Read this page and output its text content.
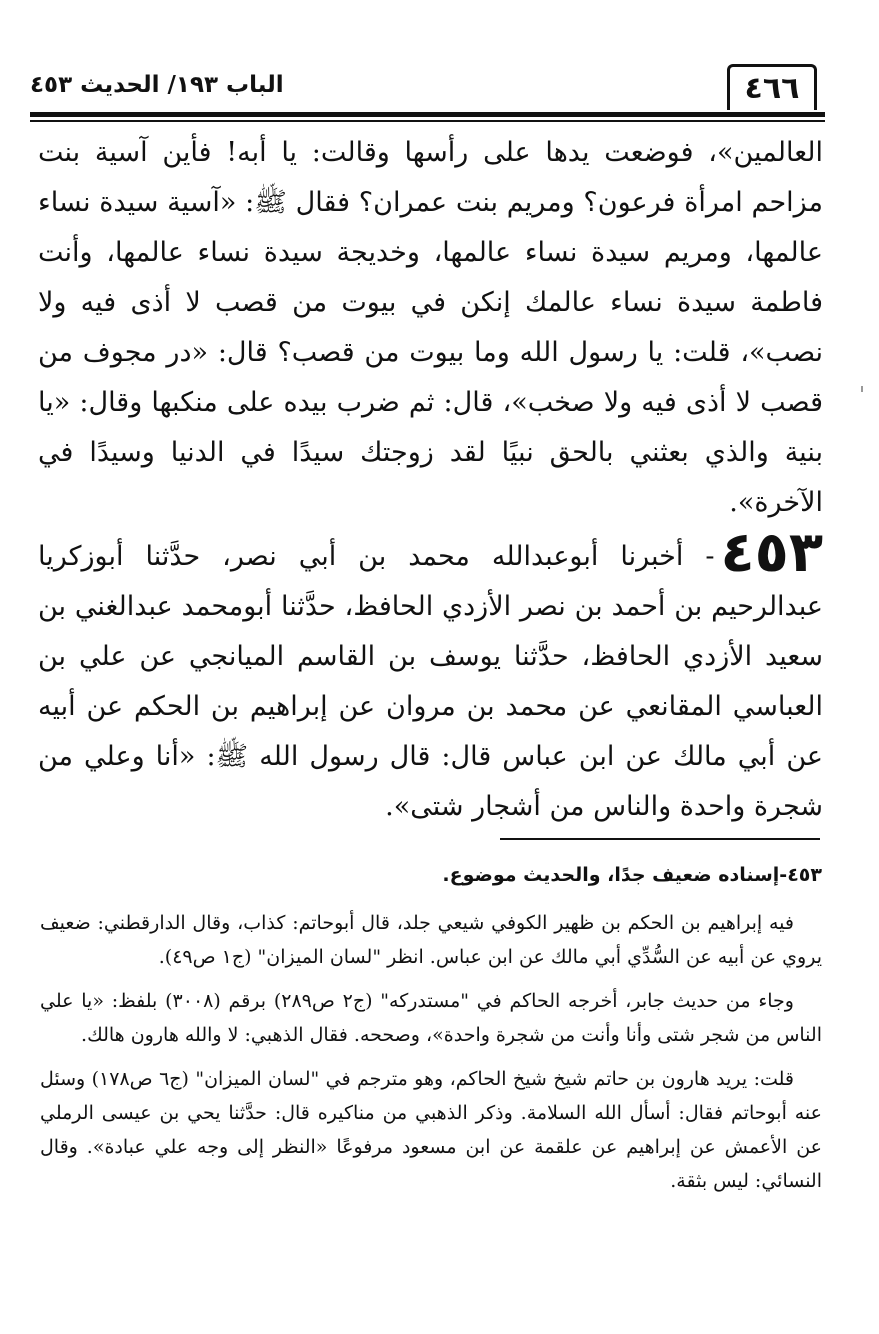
الباب ١٩٣/ الحديث ٤٥٣	٤٦٦

العالمين»، فوضعت يدها على رأسها وقالت: يا أبه! فأين آسية بنت مزاحم امرأة فرعون؟ ومريم بنت عمران؟ فقال ﷺ: «آسية سيدة نساء عالمها، ومريم سيدة نساء عالمها، وخديجة سيدة نساء عالمها، وأنت فاطمة سيدة نساء عالمك إنكن في بيوت من قصب لا أذى فيه ولا نصب»، قلت: يا رسول الله وما بيوت من قصب؟ قال: «در مجوف من قصب لا أذى فيه ولا صخب»، قال: ثم ضرب بيده على منكبها وقال: «يا بنية والذي بعثني بالحق نبيًا لقد زوجتك سيدًا في الدنيا وسيدًا في الآخرة».

٤٥٣- أخبرنا أبوعبدالله محمد بن أبي نصر، حدَّثنا أبوزكريا عبدالرحيم بن أحمد بن نصر الأزدي الحافظ، حدَّثنا أبومحمد عبدالغني بن سعيد الأزدي الحافظ، حدَّثنا يوسف بن القاسم الميانجي عن علي بن العباسي المقانعي عن محمد بن مروان عن إبراهيم بن الحكم عن أبيه عن أبي مالك عن ابن عباس قال: قال رسول الله ﷺ: «أنا وعلي من شجرة واحدة والناس من أشجار شتى».

٤٥٣-إسناده ضعيف جدًا، والحديث موضوع.

فيه إبراهيم بن الحكم بن ظهير الكوفي شيعي جلد، قال أبوحاتم: كذاب، وقال الدارقطني: ضعيف يروي عن أبيه عن السُّدِّي أبي مالك عن ابن عباس. انظر "لسان الميزان" (ج١ ص٤٩).

وجاء من حديث جابر، أخرجه الحاكم في "مستدركه" (ج٢ ص٢٨٩) برقم (٣٠٠٨) بلفظ: «يا علي الناس من شجر شتى وأنا وأنت من شجرة واحدة»، وصححه. فقال الذهبي: لا والله هارون هالك.

قلت: يريد هارون بن حاتم شيخ شيخ الحاكم، وهو مترجم في "لسان الميزان" (ج٦ ص١٧٨) وسئل عنه أبوحاتم فقال: أسأل الله السلامة. وذكر الذهبي من مناكيره قال: حدَّثنا يحي بن عيسى الرملي عن الأعمش عن إبراهيم عن علقمة عن ابن مسعود مرفوعًا «النظر إلى وجه علي عبادة». وقال النسائي: ليس بثقة.
